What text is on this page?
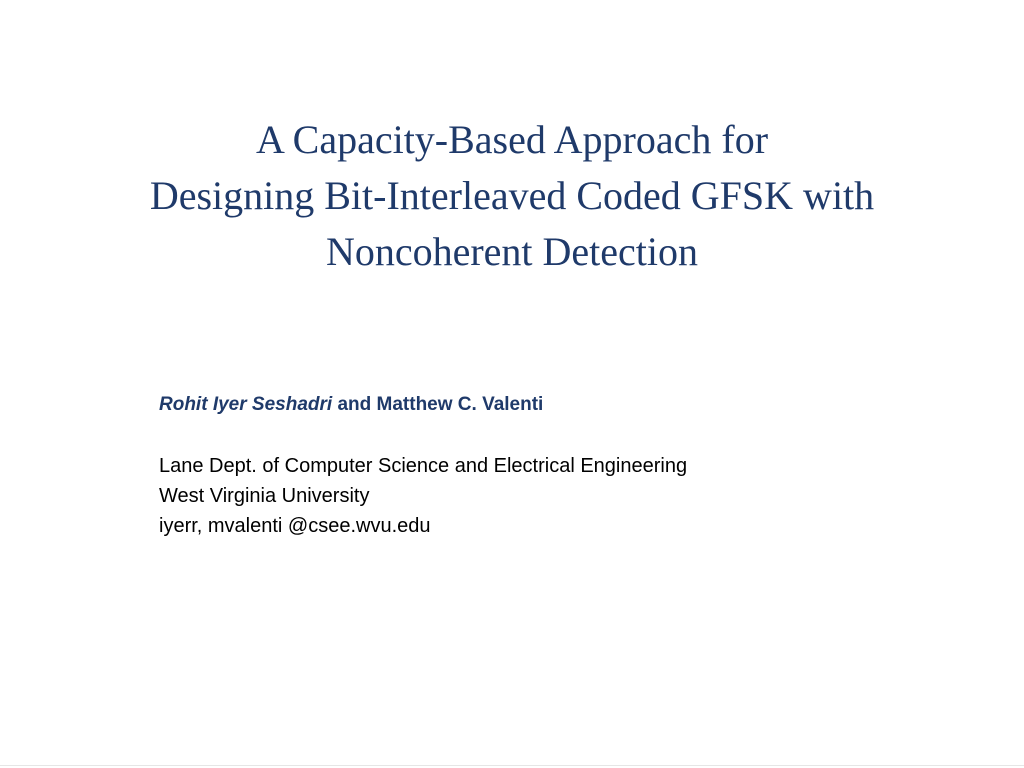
A Capacity-Based Approach for
Designing Bit-Interleaved Coded GFSK with
Noncoherent Detection
Rohit Iyer Seshadri and Matthew C. Valenti
Lane Dept. of Computer Science and Electrical Engineering
West Virginia University
iyerr, mvalenti @csee.wvu.edu
